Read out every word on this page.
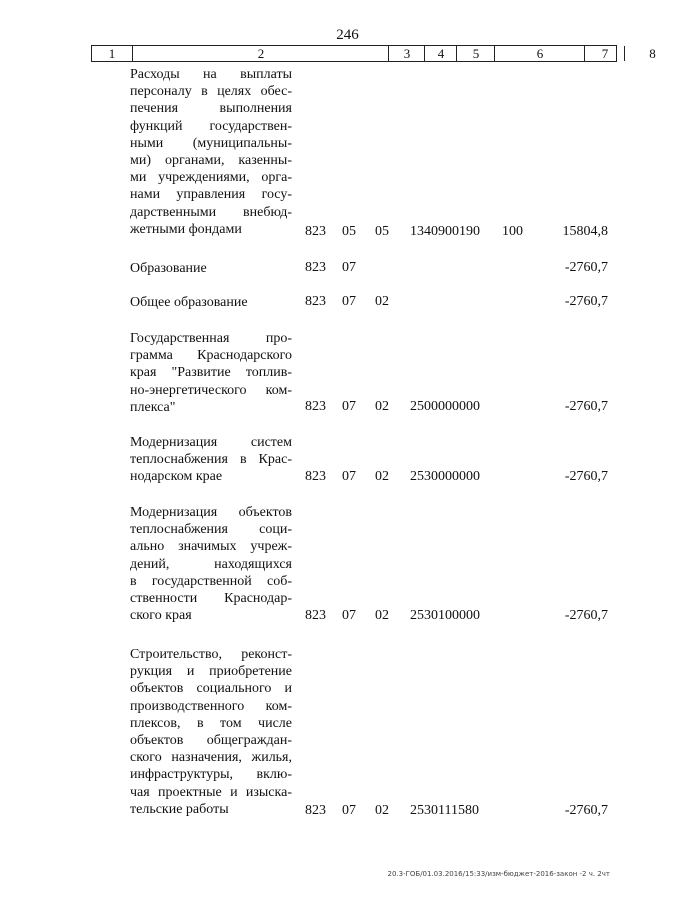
246
1	2	3	4	5	6	7	8
Расходы на выплаты
персоналу в целях обес-
печения выполнения
функций государствен-
ными (муниципальны-
ми) органами, казенны-
ми учреждениями, орга-
нами управления госу-
дарственными внебюд-
жетными фондами	823 05 05 1340900190 100	15804,8
Образование	823 07	-2760,7
Общее образование	823 07 02	-2760,7
Государственная про-
грамма Краснодарского
края "Развитие топлив-
но-энергетического ком-
плекса"	823 07 02 2500000000	-2760,7
Модернизация систем
теплоснабжения в Крас-
нодарском крае	823 07 02 2530000000	-2760,7
Модернизация объектов
теплоснабжения соци-
ально значимых учреж-
дений, находящихся
в государственной соб-
ственности Краснодар-
ского края	823 07 02 2530100000	-2760,7
Строительство, реконст-
рукция и приобретение
объектов социального и
производственного ком-
плексов, в том числе
объектов общеграждан-
ского назначения, жилья,
инфраструктуры, вклю-
чая проектные и изыска-
тельские работы	823 07 02 2530111580	-2760,7
20.3-ГОБ/01.03.2016/15:33/изм-бюджет-2016-закон -2 ч. 2чт
